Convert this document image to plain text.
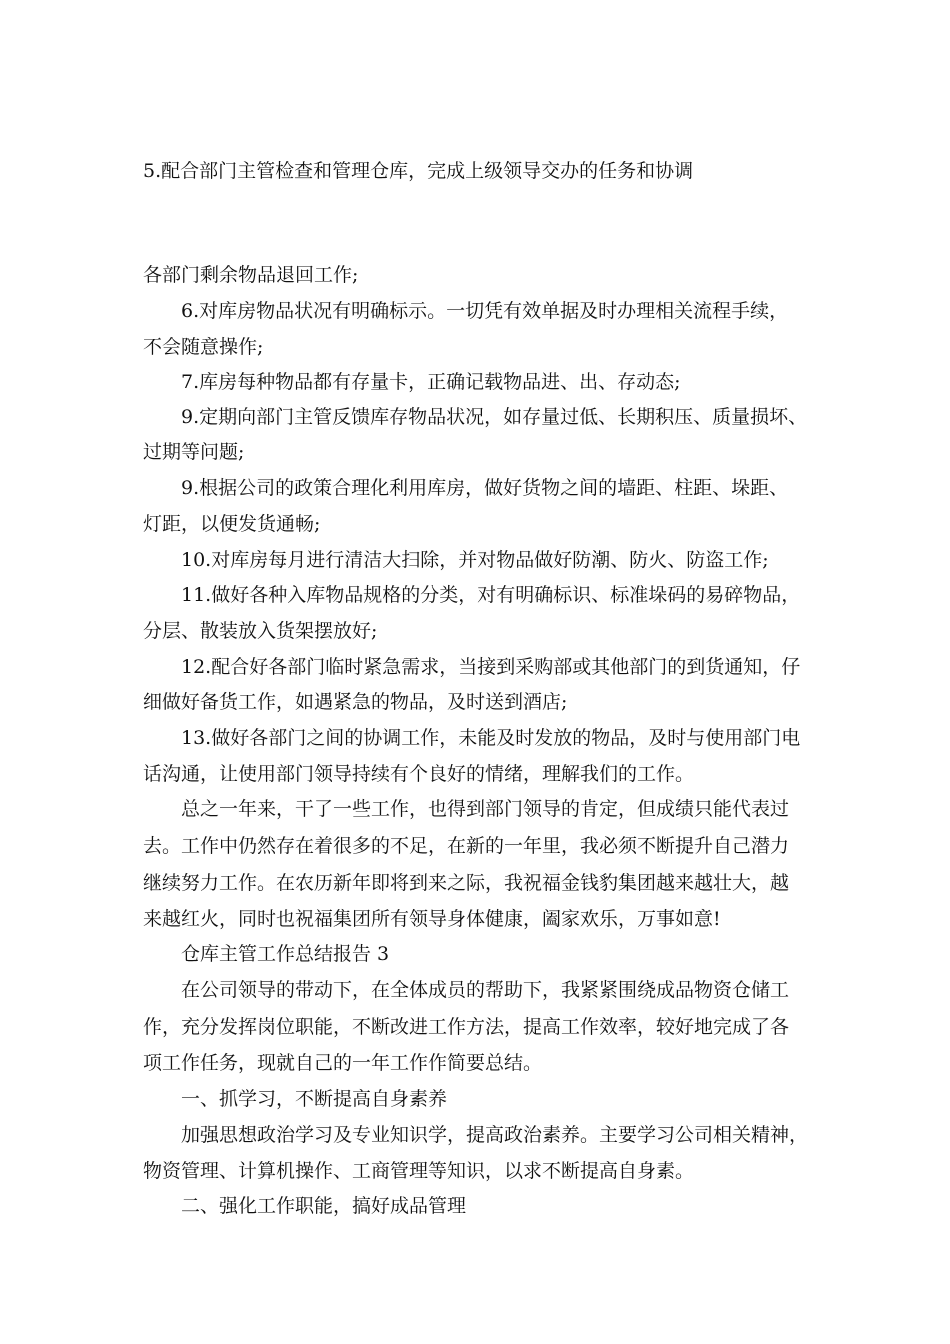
5.配合部门主管检查和管理仓库，完成上级领导交办的任务和协调
各部门剩余物品退回工作;
6.对库房物品状况有明确标示。一切凭有效单据及时办理相关流程手续，
不会随意操作;
7.库房每种物品都有存量卡，正确记载物品进、出、存动态;
9.定期向部门主管反馈库存物品状况，如存量过低、长期积压、质量损坏、
过期等问题;
9.根据公司的政策合理化利用库房，做好货物之间的墙距、柱距、垛距、
灯距，以便发货通畅;
10.对库房每月进行清洁大扫除，并对物品做好防潮、防火、防盗工作;
11.做好各种入库物品规格的分类，对有明确标识、标准垛码的易碎物品，
分层、散装放入货架摆放好;
12.配合好各部门临时紧急需求，当接到采购部或其他部门的到货通知，仔
细做好备货工作，如遇紧急的物品，及时送到酒店;
13.做好各部门之间的协调工作，未能及时发放的物品，及时与使用部门电
话沟通，让使用部门领导持续有个良好的情绪，理解我们的工作。
总之一年来，干了一些工作，也得到部门领导的肯定，但成绩只能代表过
去。工作中仍然存在着很多的不足，在新的一年里，我必须不断提升自己潜力
继续努力工作。在农历新年即将到来之际，我祝福金钱豹集团越来越壮大，越
来越红火，同时也祝福集团所有领导身体健康，阖家欢乐，万事如意!
仓库主管工作总结报告 3
在公司领导的带动下，在全体成员的帮助下，我紧紧围绕成品物资仓储工
作，充分发挥岗位职能，不断改进工作方法，提高工作效率，较好地完成了各
项工作任务，现就自己的一年工作作简要总结。
一、抓学习，不断提高自身素养
加强思想政治学习及专业知识学，提高政治素养。主要学习公司相关精神，
物资管理、计算机操作、工商管理等知识，以求不断提高自身素。
二、强化工作职能，搞好成品管理
